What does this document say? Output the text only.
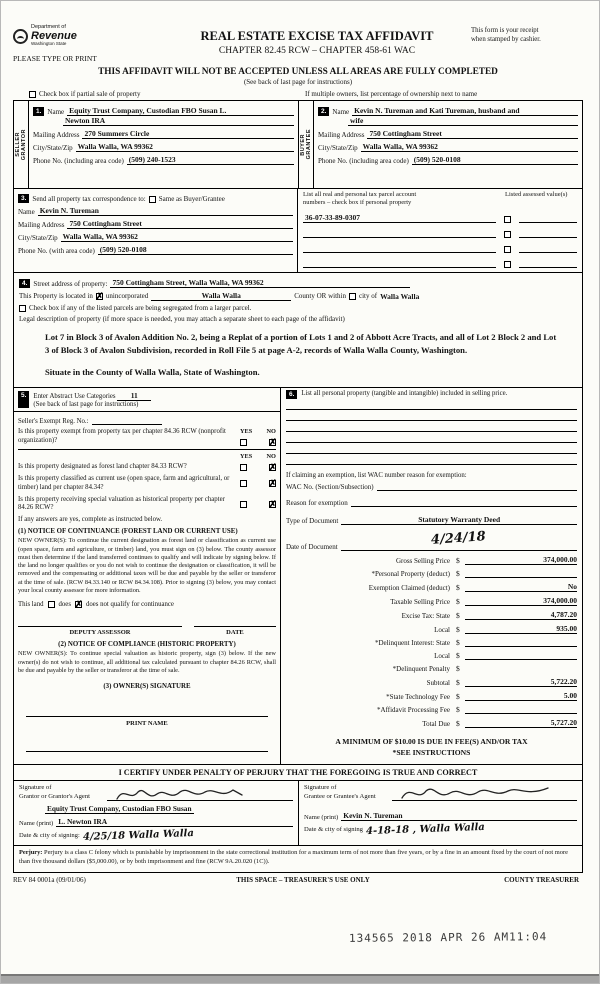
Department of
Revenue
Washington State
PLEASE TYPE OR PRINT
REAL ESTATE EXCISE TAX AFFIDAVIT
CHAPTER 82.45 RCW – CHAPTER 458-61 WAC
This form is your receipt
when stamped by cashier.
THIS AFFIDAVIT WILL NOT BE ACCEPTED UNLESS ALL AREAS ARE FULLY COMPLETED
(See back of last page for instructions)
Check box if partial sale of property	If multiple owners, list percentage of ownership next to name
SELLER GRANTOR
1. Name Equity Trust Company, Custodian FBO Susan L.
Newton IRA
Mailing Address 270 Summers Circle
City/State/Zip Walla Walla, WA 99362
Phone No. (including area code) (509) 240-1523
BUYER GRANTEE
2. Name Kevin N. Tureman and Kati Tureman, husband and
wife
Mailing Address 750 Cottingham Street
City/State/Zip Walla Walla, WA 99362
Phone No. (including area code) (509) 520-0108
3. Send all property tax correspondence to: Same as Buyer/Grantee
Name Kevin N. Tureman
Mailing Address 750 Cottingham Street
City/State/Zip Walla Walla, WA 99362
Phone No. (with area code) (509) 520-0108
List all real and personal tax parcel account
numbers – check box if personal property
Listed assessed value(s)
36-07-33-89-0307
4. Street address of property: 750 Cottingham Street, Walla Walla, WA 99362
This Property is located in ✗ unincorporated	Walla Walla	County OR within city of Walla Walla
Check box if any of the listed parcels are being segregated from a larger parcel.
Legal description of property (if more space is needed, you may attach a separate sheet to each page of the affidavit)
Lot 7 in Block 3 of Avalon Addition No. 2, being a Replat of a portion of Lots 1 and 2 of Abbott Acre Tracts, and all of Lot 2 Block 2 and Lot 3 of Block 3 of Avalon Subdivision, recorded in Roll File 5 at page A-2, records of Walla Walla County, Washington.
Situate in the County of Walla Walla, State of Washington.
5.	Enter Abstract Use Categories 11
(See back of last page for instructions)
Seller's Exempt Reg. No.:
Is this property exempt from property tax per chapter 84.36 RCW (nonprofit organization)?
YES NO
✗
YES NO
Is this property designated as forest land chapter 84.33 RCW?	✗
Is this property classified as current use (open space, farm and agricultural, or timber) land per chapter 84.34?	✗
Is this property receiving special valuation as historical property per chapter 84.26 RCW?	✗
If any answers are yes, complete as instructed below.
(1) NOTICE OF CONTINUANCE (FOREST LAND OR CURRENT USE)
NEW OWNER(S): To continue the current designation as forest land or classification as current use (open space, farm and agriculture, or timber) land, you must sign on (3) below. The county assessor must then determine if the land transferred continues to qualify and will indicate by signing below. If the land no longer qualifies or you do not wish to continue the designation or classification, it will be removed and the compensating or additional taxes will be due and payable by the seller or transferor at the time of sale. (RCW 84.33.140 or RCW 84.34.108). Prior to signing (3) below, you may contact your local county assessor for more information.
This land does ✗ does not qualify for continuance
DEPUTY ASSESSOR	DATE
(2) NOTICE OF COMPLIANCE (HISTORIC PROPERTY)
NEW OWNER(S): To continue special valuation as historic property, sign (3) below. If the new owner(s) do not wish to continue, all additional tax calculated pursuant to chapter 84.26 RCW, shall be due and payable by the seller or transferor at the time of sale.
(3) OWNER(S) SIGNATURE
PRINT NAME
6.	List all personal property (tangible and intangible) included in selling price.
If claiming an exemption, list WAC number reason for exemption:
WAC No. (Section/Subsection)
Reason for exemption
Type of Document	Statutory Warranty Deed
Date of Document	4/24/18
Gross Selling Price $	374,000.00
*Personal Property (deduct) $
Exemption Claimed (deduct) $	No
Taxable Selling Price $	374,000.00
Excise Tax: State $	4,787.20
Local $	935.00
*Delinquent Interest: State $
Local $
*Delinquent Penalty $
Subtotal $	5,722.20
*State Technology Fee $	5.00
*Affidavit Processing Fee $
Total Due $	5,727.20
A MINIMUM OF $10.00 IS DUE IN FEE(S) AND/OR TAX
*SEE INSTRUCTIONS
I CERTIFY UNDER PENALTY OF PERJURY THAT THE FOREGOING IS TRUE AND CORRECT
Signature of
Grantor or Grantor's Agent
Equity Trust Company, Custodian FBO Susan
Name (print) L. Newton IRA
Date & city of signing: 4/25/18 Walla Walla
Signature of
Grantee or Grantee's Agent
Name (print) Kevin N. Tureman
Date & city of signing 4-18-18 , Walla Walla
Perjury: Perjury is a class C felony which is punishable by imprisonment in the state correctional institution for a maximum term of not more than five years, or by a fine in an amount fixed by the court of not more than five thousand dollars ($5,000.00), or by both imprisonment and fine (RCW 9A.20.020 (1C)).
REV 84 0001a (09/01/06)	THIS SPACE – TREASURER'S USE ONLY	COUNTY TREASURER
134565 2018 APR 26 AM11:04
